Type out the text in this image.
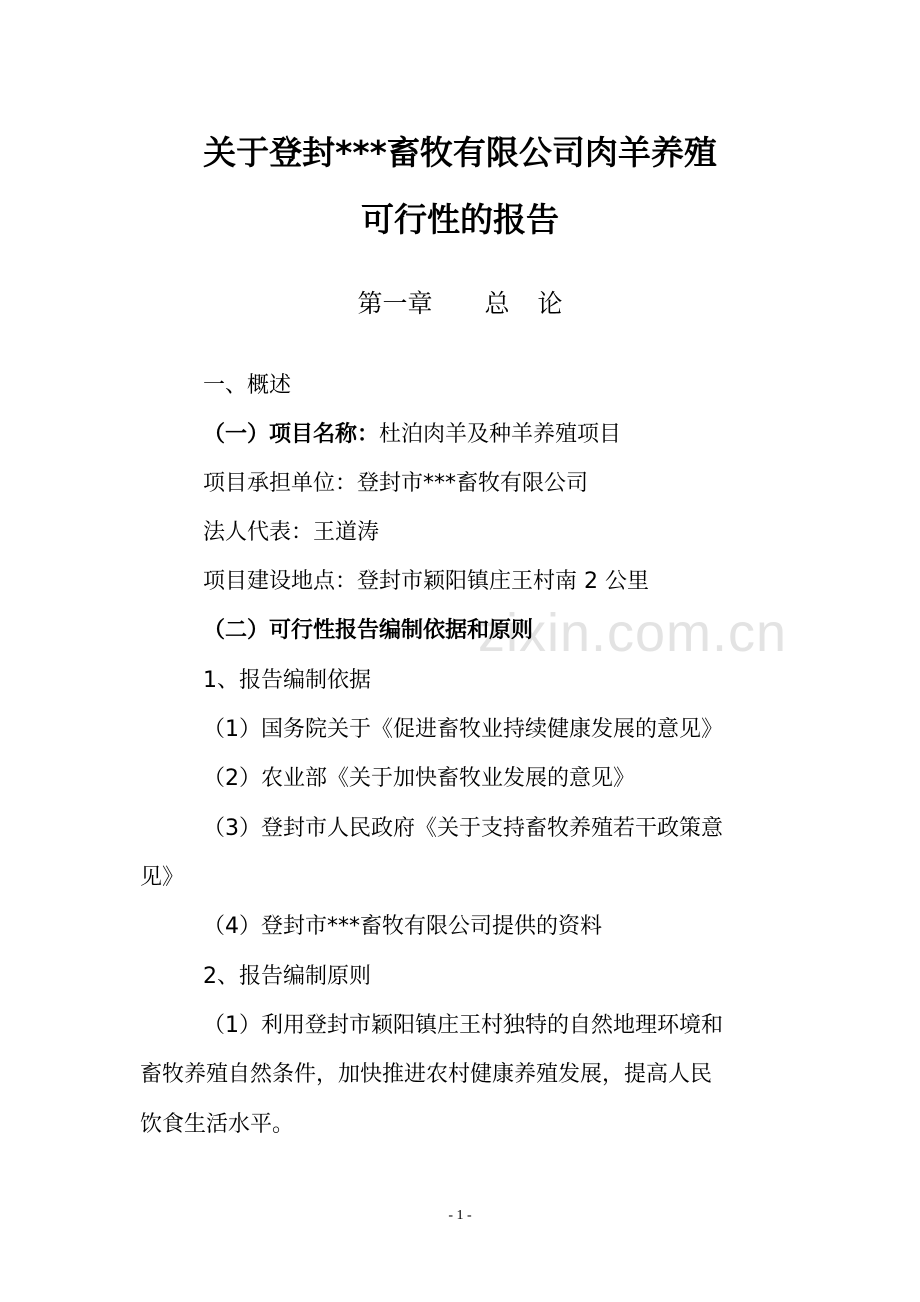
zixin.com.cn
关于登封***畜牧有限公司肉羊养殖
可行性的报告
第一章 总 论
一、概述
（一）项目名称：杜泊肉羊及种羊养殖项目
项目承担单位：登封市***畜牧有限公司
法人代表：王道涛
项目建设地点：登封市颖阳镇庄王村南 2 公里
（二）可行性报告编制依据和原则
1、报告编制依据
（1）国务院关于《促进畜牧业持续健康发展的意见》
（2）农业部《关于加快畜牧业发展的意见》
（3）登封市人民政府《关于支持畜牧养殖若干政策意
见》
（4）登封市***畜牧有限公司提供的资料
2、报告编制原则
（1）利用登封市颖阳镇庄王村独特的自然地理环境和
畜牧养殖自然条件，加快推进农村健康养殖发展，提高人民
饮食生活水平。
- 1 -
